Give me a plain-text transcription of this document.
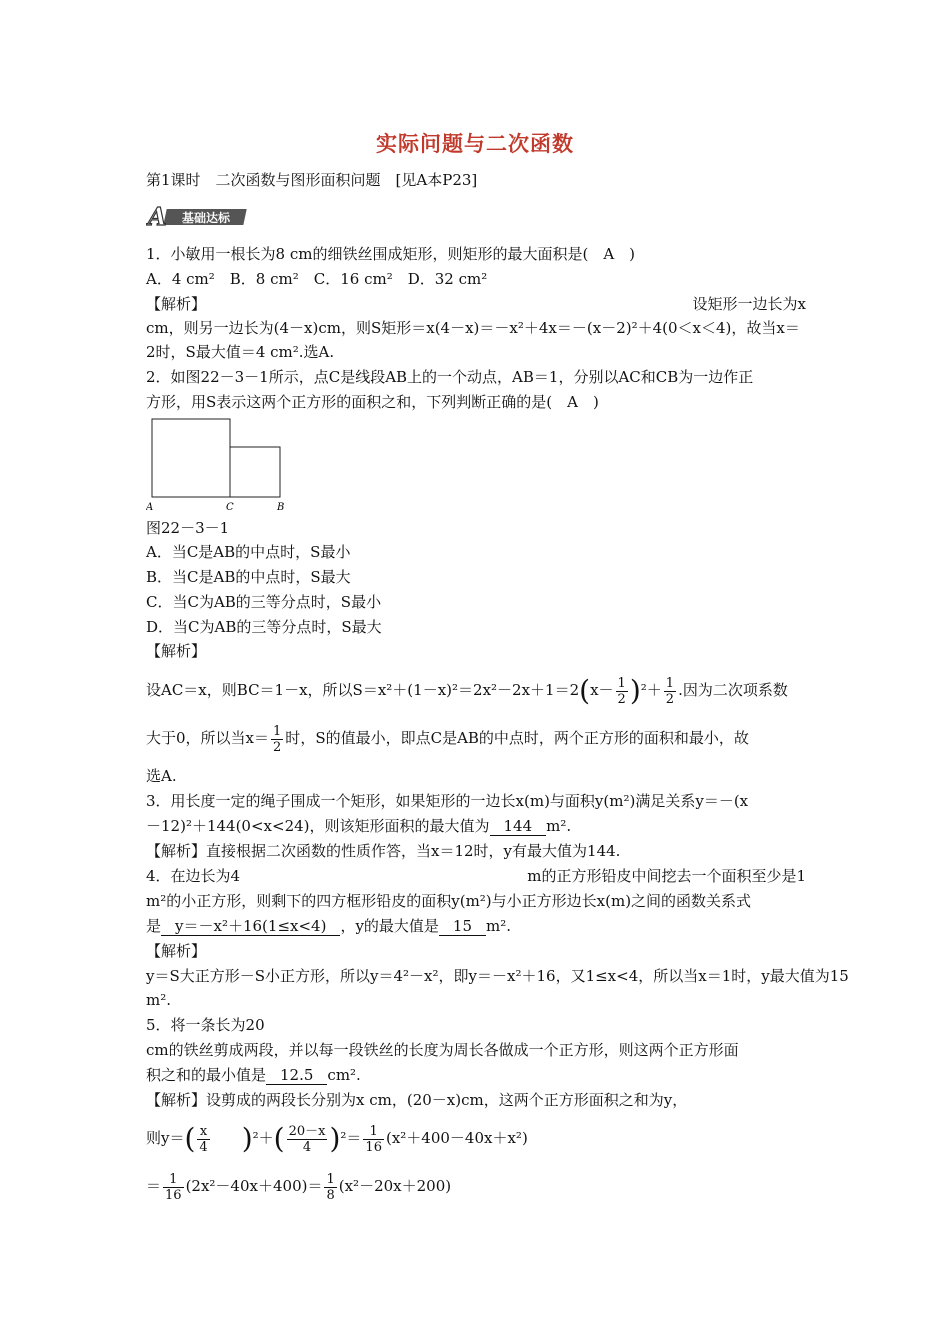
实际问题与二次函数
第1课时　二次函数与图形面积问题　[见A本P23]
A 基础达标
1．小敏用一根长为8 cm的细铁丝围成矩形，则矩形的最大面积是(　A　)
A．4 cm²　B．8 cm²　C．16 cm²　D．32 cm²
【解析】	设矩形一边长为x
cm，则另一边长为(4－x)cm，则S矩形＝x(4－x)＝－x²＋4x＝－(x－2)²＋4(0＜x＜4)，故当x＝
2时，S最大值＝4 cm².选A.
2．如图22－3－1所示，点C是线段AB上的一个动点，AB＝1，分别以AC和CB为一边作正
方形，用S表示这两个正方形的面积之和，下列判断正确的是(　A　)
A	C	B
图22－3－1
A．当C是AB的中点时，S最小
B．当C是AB的中点时，S最大
C．当C为AB的三等分点时，S最小
D．当C为AB的三等分点时，S最大
【解析】
设AC＝x，则BC＝1－x，所以$S=x^2+(1-x)^2=2x^2-2x+1=2(x- \frac{1}{2} )^2+ \frac{1}{2}$ .因为二次项系数
大于0，所以当$x= \frac{1}{2}$ 时，S的值最小，即点C是AB的中点时，两个正方形的面积和最小，故
选A.
3．用长度一定的绳子围成一个矩形，如果矩形的一边长x(m)与面积y(m²)满足关系y＝－(x
－12)²＋144(0<x<24)，则该矩形面积的最大值为 144 m².
【解析】直接根据二次函数的性质作答，当x＝12时，y有最大值为144.
4．在边长为4	m的正方形铅皮中间挖去一个面积至少是1
m²的小正方形，则剩下的四方框形铅皮的面积y(m²)与小正方形边长x(m)之间的函数关系式
是 y＝－x²＋16(1≤x<4) ，y的最大值是 15 m².
【解析】
y＝S大正方形－S小正方形，所以y＝4²－x²，即y＝－x²＋16，又1≤x<4，所以当x＝1时，y最大值为15
m².
5．将一条长为20
cm的铁丝剪成两段，并以每一段铁丝的长度为周长各做成一个正方形，则这两个正方形面
积之和的最小值是 12.5 cm².
【解析】设剪成的两段长分别为x cm，(20－x)cm，这两个正方形面积之和为y，
则$y=( \frac{x}{4} )^2+( \frac{20-x}{4} )^2= \frac{1}{16} (x^2+400-40x+x^2)$
＝ $\frac{1}{16} (2x^2-40x+400)= \frac{1}{8} (x^2-20x+200)$
